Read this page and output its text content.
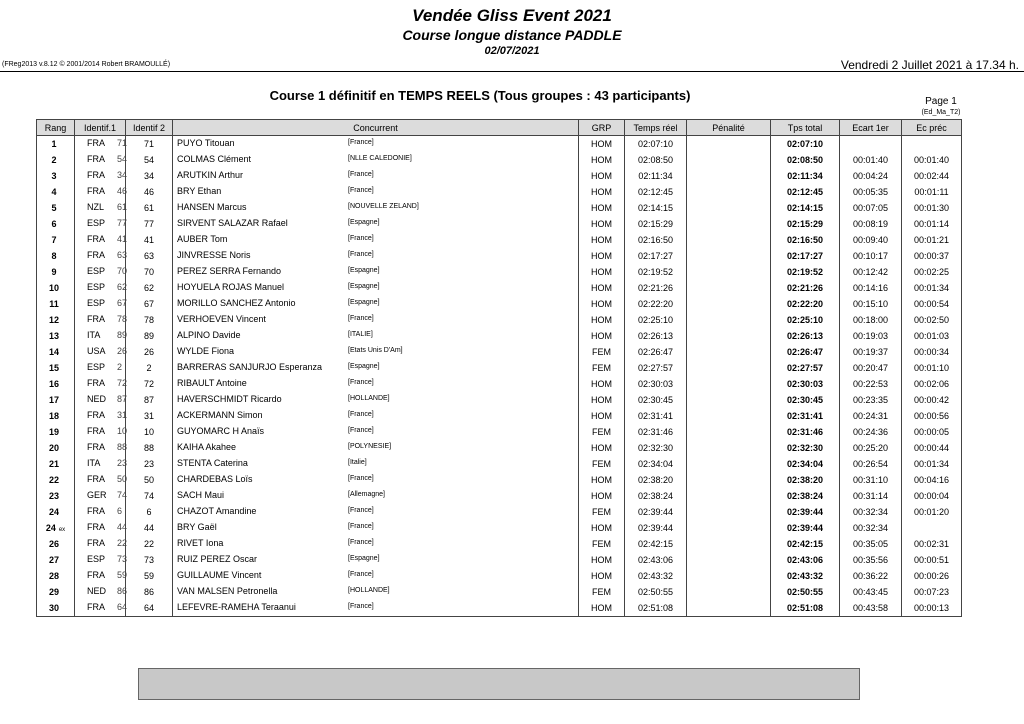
Vendée Gliss Event 2021
Course longue distance PADDLE
02/07/2021
(FReg2013 v.8.12 © 2001/2014 Robert BRAMOULLÉ)	Vendredi 2 Juillet 2021 à 17.34 h.
Course 1 définitif en TEMPS REELS (Tous groupes : 43 participants)	Page 1
(Ed_Ma_T2)
Rang	Identif.1	Identif 2	Concurrent	GRP	Temps réel	Pénalité	Tps total	Ecart 1er	Ec préc
1	FRA 71	71	PUYO Titouan [France]	HOM	02:07:10		02:07:10		
2	FRA 54	54	COLMAS Clément [NLLE CALEDONIE]	HOM	02:08:50		02:08:50	00:01:40	00:01:40
3	FRA 34	34	ARUTKIN Arthur [France]	HOM	02:11:34		02:11:34	00:04:24	00:02:44
4	FRA 46	46	BRY Ethan [France]	HOM	02:12:45		02:12:45	00:05:35	00:01:11
5	NZL 61	61	HANSEN Marcus [NOUVELLE ZELAND]	HOM	02:14:15		02:14:15	00:07:05	00:01:30
6	ESP 77	77	SIRVENT SALAZAR Rafael [Espagne]	HOM	02:15:29		02:15:29	00:08:19	00:01:14
7	FRA 41	41	AUBER Tom [France]	HOM	02:16:50		02:16:50	00:09:40	00:01:21
8	FRA 63	63	JINVRESSE Noris [France]	HOM	02:17:27		02:17:27	00:10:17	00:00:37
9	ESP 70	70	PEREZ SERRA Fernando [Espagne]	HOM	02:19:52		02:19:52	00:12:42	00:02:25
10	ESP 62	62	HOYUELA ROJAS Manuel [Espagne]	HOM	02:21:26		02:21:26	00:14:16	00:01:34
11	ESP 67	67	MORILLO SANCHEZ Antonio [Espagne]	HOM	02:22:20		02:22:20	00:15:10	00:00:54
12	FRA 78	78	VERHOEVEN Vincent [France]	HOM	02:25:10		02:25:10	00:18:00	00:02:50
13	ITA 89	89	ALPINO Davide [ITALIE]	HOM	02:26:13		02:26:13	00:19:03	00:01:03
14	USA 26	26	WYLDE Fiona [Etats Unis D'Am]	FEM	02:26:47		02:26:47	00:19:37	00:00:34
15	ESP 2	2	BARRERAS SANJURJO Esperanza [Espagne]	FEM	02:27:57		02:27:57	00:20:47	00:01:10
16	FRA 72	72	RIBAULT Antoine [France]	HOM	02:30:03		02:30:03	00:22:53	00:02:06
17	NED 87	87	HAVERSCHMIDT Ricardo [HOLLANDE]	HOM	02:30:45		02:30:45	00:23:35	00:00:42
18	FRA 31	31	ACKERMANN Simon [France]	HOM	02:31:41		02:31:41	00:24:31	00:00:56
19	FRA 10	10	GUYOMARC H Anaïs [France]	FEM	02:31:46		02:31:46	00:24:36	00:00:05
20	FRA 88	88	KAIHA Akahee [POLYNESIE]	HOM	02:32:30		02:32:30	00:25:20	00:00:44
21	ITA 23	23	STENTA Caterina [Italie]	FEM	02:34:04		02:34:04	00:26:54	00:01:34
22	FRA 50	50	CHARDEBAS Loïs [France]	HOM	02:38:20		02:38:20	00:31:10	00:04:16
23	GER 74	74	SACH Maui [Allemagne]	HOM	02:38:24		02:38:24	00:31:14	00:00:04
24	FRA 6	6	CHAZOT Amandine [France]	FEM	02:39:44		02:39:44	00:32:34	00:01:20
24 ex	FRA 44	44	BRY Gaël [France]	HOM	02:39:44		02:39:44	00:32:34	
26	FRA 22	22	RIVET Iona [France]	FEM	02:42:15		02:42:15	00:35:05	00:02:31
27	ESP 73	73	RUIZ PEREZ Oscar [Espagne]	HOM	02:43:06		02:43:06	00:35:56	00:00:51
28	FRA 59	59	GUILLAUME Vincent [France]	HOM	02:43:32		02:43:32	00:36:22	00:00:26
29	NED 86	86	VAN MALSEN Petronella [HOLLANDE]	FEM	02:50:55		02:50:55	00:43:45	00:07:23
30	FRA 64	64	LEFEVRE-RAMEHA Teraanui [France]	HOM	02:51:08		02:51:08	00:43:58	00:00:13
